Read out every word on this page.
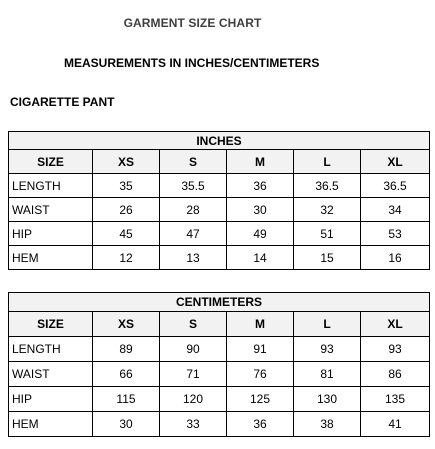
GARMENT SIZE CHART
MEASUREMENTS IN INCHES/CENTIMETERS
CIGARETTE PANT
INCHES					
SIZE	XS	S	M	L	XL
LENGTH	35	35.5	36	36.5	36.5
WAIST	26	28	30	32	34
HIP	45	47	49	51	53
HEM	12	13	14	15	16
CENTIMETERS					
SIZE	XS	S	M	L	XL
LENGTH	89	90	91	93	93
WAIST	66	71	76	81	86
HIP	115	120	125	130	135
HEM	30	33	36	38	41
